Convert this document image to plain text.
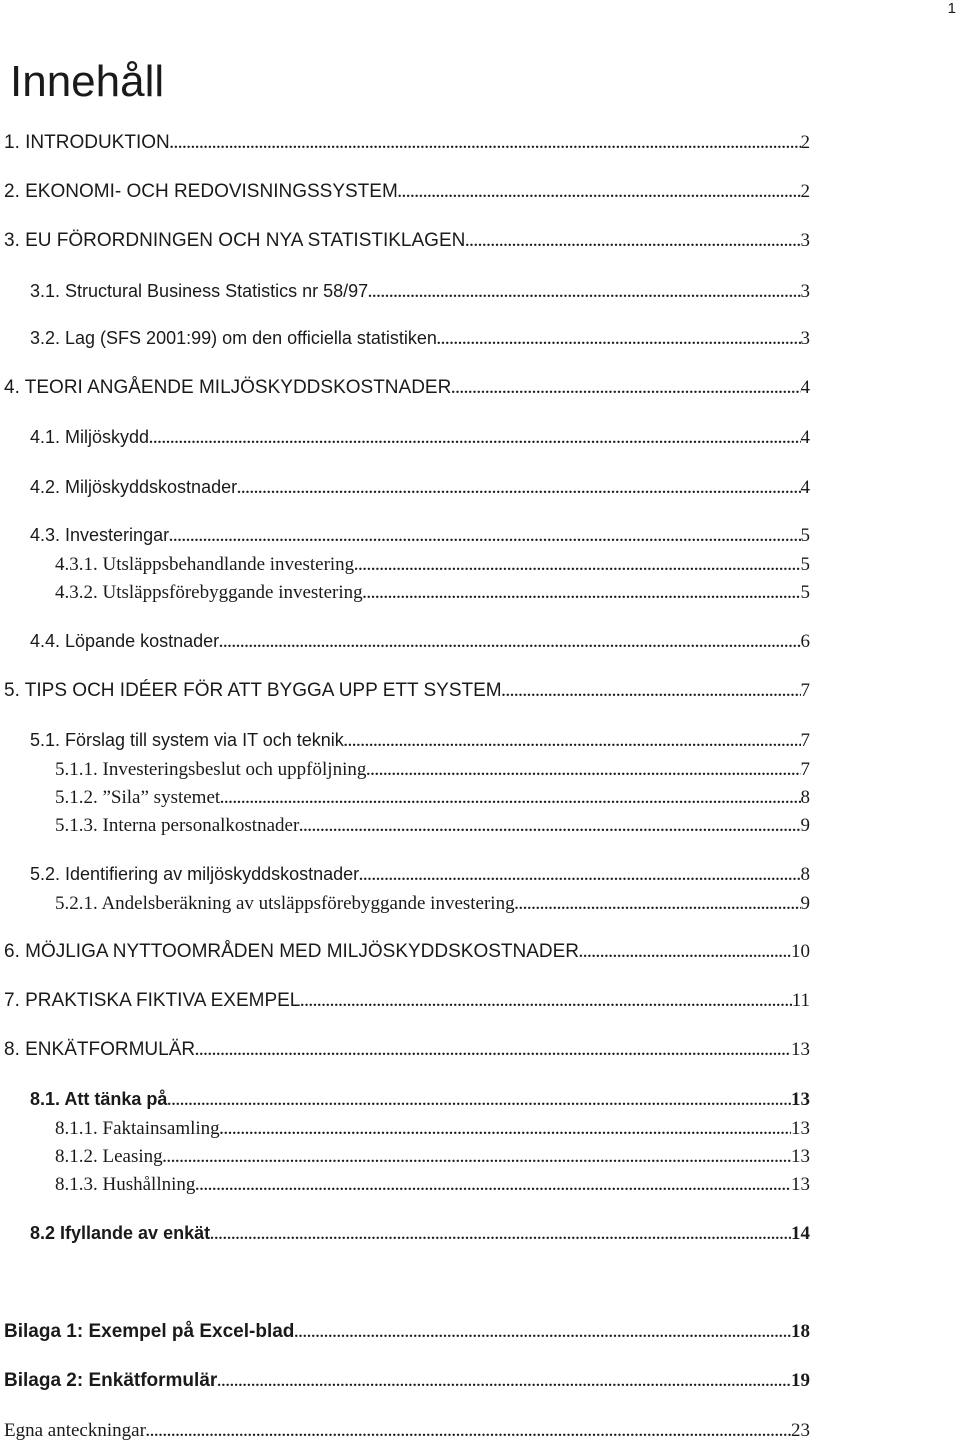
1
Innehåll
1. INTRODUKTION .....	2
2. EKONOMI- OCH REDOVISNINGSSYSTEM .....	2
3. EU FÖRORDNINGEN OCH NYA STATISTIKLAGEN .....	3
3.1. Structural Business Statistics nr 58/97 .....	3
3.2. Lag (SFS 2001:99) om den officiella statistiken .....	3
4. TEORI ANGÅENDE MILJÖSKYDDSKOSTNADER .....	4
4.1. Miljöskydd .....	4
4.2. Miljöskyddskostnader .....	4
4.3. Investeringar .....	5
4.3.1. Utsläppsbehandlande investering .....	5
4.3.2. Utsläppsförebyggande investering .....	5
4.4. Löpande kostnader .....	6
5. TIPS OCH IDÉER FÖR ATT BYGGA UPP ETT SYSTEM .....	7
5.1. Förslag till system via IT och teknik .....	7
5.1.1. Investeringsbeslut och uppföljning .....	7
5.1.2. ”Sila” systemet .....	8
5.1.3. Interna personalkostnader .....	9
5.2. Identifiering av miljöskyddskostnader .....	8
5.2.1. Andelsberäkning av utsläppsförebyggande investering .....	9
6. MÖJLIGA NYTTOOMRÅDEN MED MILJÖSKYDDSKOSTNADER .....	10
7. PRAKTISKA FIKTIVA EXEMPEL .....	11
8. ENKÄTFORMULÄR .....	13
8.1. Att tänka på .....	13
8.1.1. Faktainsamling .....	13
8.1.2. Leasing .....	13
8.1.3. Hushållning .....	13
8.2 Ifyllande av enkät .....	14
Bilaga 1: Exempel på Excel-blad .....	18
Bilaga 2: Enkätformulär .....	19
Egna anteckningar .....	23
